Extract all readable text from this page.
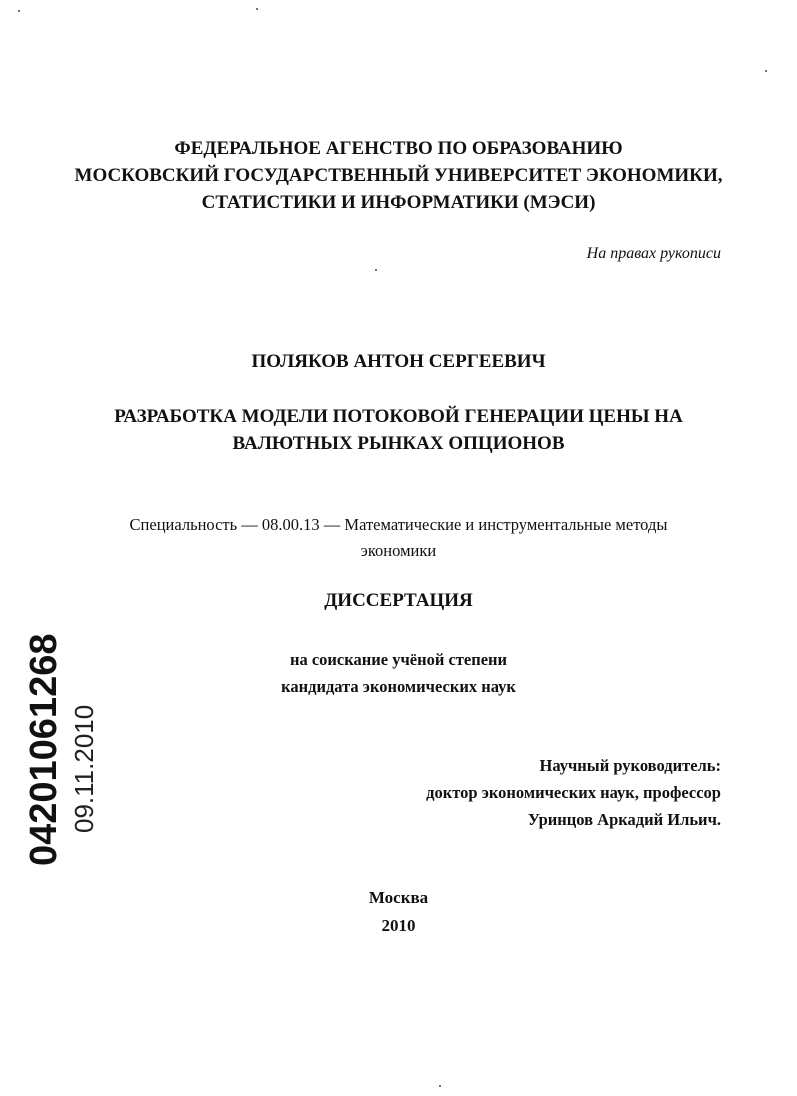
ФЕДЕРАЛЬНОЕ АГЕНСТВО ПО ОБРАЗОВАНИЮ
МОСКОВСКИЙ ГОСУДАРСТВЕННЫЙ УНИВЕРСИТЕТ ЭКОНОМИКИ,
СТАТИСТИКИ И ИНФОРМАТИКИ (МЭСИ)
На правах рукописи
ПОЛЯКОВ АНТОН СЕРГЕЕВИЧ
РАЗРАБОТКА МОДЕЛИ ПОТОКОВОЙ ГЕНЕРАЦИИ ЦЕНЫ НА
ВАЛЮТНЫХ РЫНКАХ ОПЦИОНОВ
Специальность — 08.00.13 — Математические и инструментальные методы
экономики
ДИССЕРТАЦИЯ
на соискание учёной степени
кандидата экономических наук
Научный руководитель:
доктор экономических наук, профессор
Уринцов Аркадий Ильич.
Москва
2010
04201061268 09.11.2010
